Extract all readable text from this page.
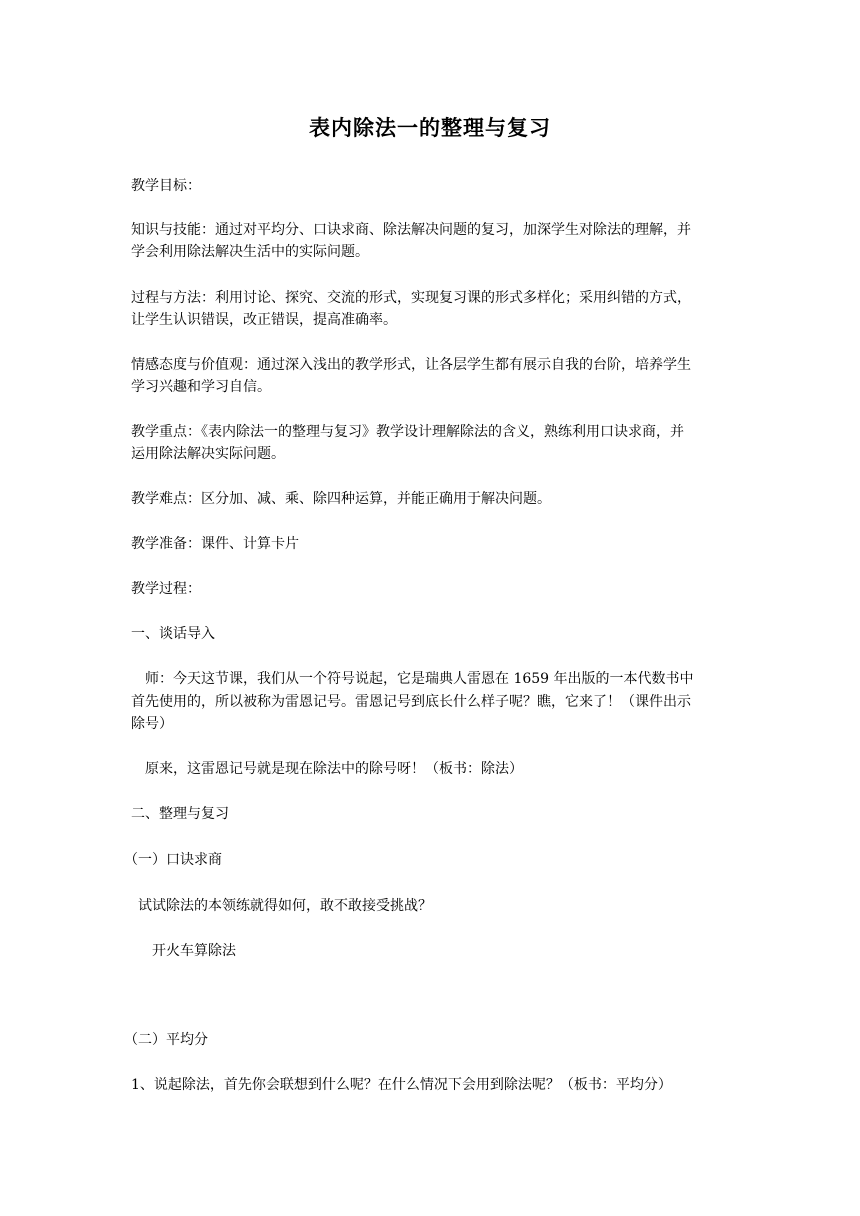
表内除法一的整理与复习
教学目标：
知识与技能：通过对平均分、口诀求商、除法解决问题的复习，加深学生对除法的理解，并
学会利用除法解决生活中的实际问题。
过程与方法：利用讨论、探究、交流的形式，实现复习课的形式多样化；采用纠错的方式，
让学生认识错误，改正错误，提高准确率。
情感态度与价值观：通过深入浅出的教学形式，让各层学生都有展示自我的台阶，培养学生
学习兴趣和学习自信。
教学重点：《表内除法一的整理与复习》教学设计理解除法的含义，熟练利用口诀求商，并
运用除法解决实际问题。
教学难点：区分加、减、乘、除四种运算，并能正确用于解决问题。
教学准备：课件、计算卡片
教学过程：
一、谈话导入
师：今天这节课，我们从一个符号说起，它是瑞典人雷恩在 1659 年出版的一本代数书中
首先使用的，所以被称为雷恩记号。雷恩记号到底长什么样子呢？瞧，它来了！（课件出示
除号）
原来，这雷恩记号就是现在除法中的除号呀！（板书：除法）
二、整理与复习
（一）口诀求商
试试除法的本领练就得如何，敢不敢接受挑战？
开火车算除法
（二）平均分
1、说起除法，首先你会联想到什么呢？在什么情况下会用到除法呢？（板书：平均分）
